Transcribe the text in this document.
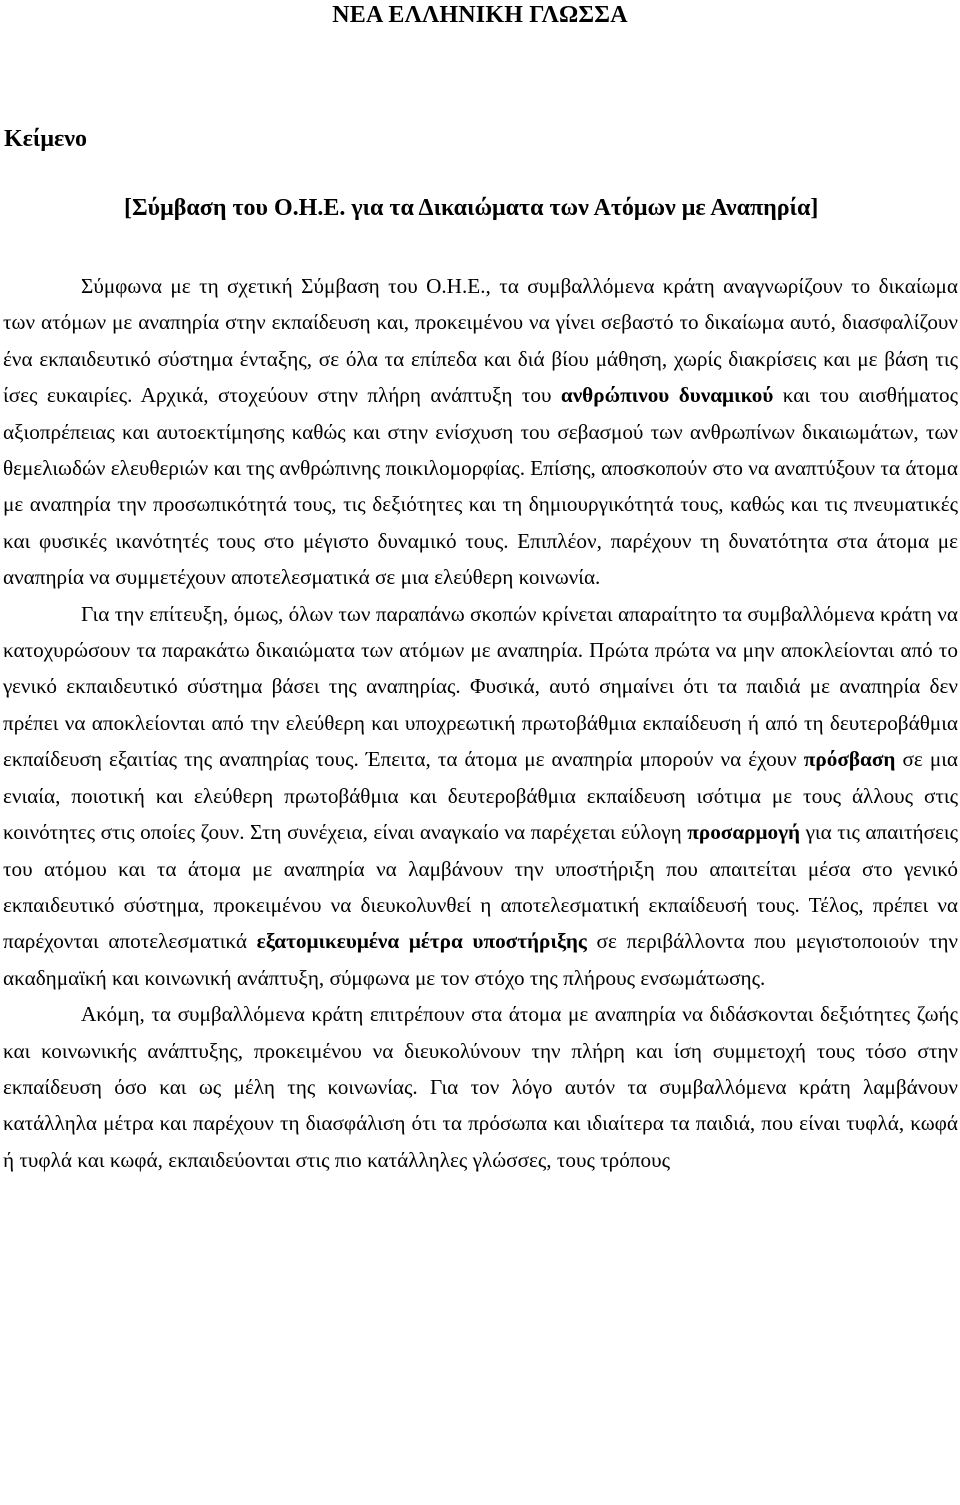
ΝΕΑ ΕΛΛΗΝΙΚΗ ΓΛΩΣΣΑ
Κείμενο
[Σύμβαση του Ο.Η.Ε. για τα Δικαιώματα των Ατόμων με Αναπηρία]

Σύμφωνα με τη σχετική Σύμβαση του Ο.Η.Ε., τα συμβαλλόμενα κράτη αναγνωρίζουν το δικαίωμα των ατόμων με αναπηρία στην εκπαίδευση και, προκειμένου να γίνει σεβαστό το δικαίωμα αυτό, διασφαλίζουν ένα εκπαιδευτικό σύστημα ένταξης, σε όλα τα επίπεδα και διά βίου μάθηση, χωρίς διακρίσεις και με βάση τις ίσες ευκαιρίες. Αρχικά, στοχεύουν στην πλήρη ανάπτυξη του ανθρώπινου δυναμικού και του αισθήματος αξιοπρέπειας και αυτοεκτίμησης καθώς και στην ενίσχυση του σεβασμού των ανθρωπίνων δικαιωμάτων, των θεμελιωδών ελευθεριών και της ανθρώπινης ποικιλομορφίας. Επίσης, αποσκοπούν στο να αναπτύξουν τα άτομα με αναπηρία την προσωπικότητά τους, τις δεξιότητες και τη δημιουργικότητά τους, καθώς και τις πνευματικές και φυσικές ικανότητές τους στο μέγιστο δυναμικό τους. Επιπλέον, παρέχουν τη δυνατότητα στα άτομα με αναπηρία να συμμετέχουν αποτελεσματικά σε μια ελεύθερη κοινωνία.

Για την επίτευξη, όμως, όλων των παραπάνω σκοπών κρίνεται απαραίτητο τα συμβαλλόμενα κράτη να κατοχυρώσουν τα παρακάτω δικαιώματα των ατόμων με αναπηρία. Πρώτα πρώτα να μην αποκλείονται από το γενικό εκπαιδευτικό σύστημα βάσει της αναπηρίας. Φυσικά, αυτό σημαίνει ότι τα παιδιά με αναπηρία δεν πρέπει να αποκλείονται από την ελεύθερη και υποχρεωτική πρωτοβάθμια εκπαίδευση ή από τη δευτεροβάθμια εκπαίδευση εξαιτίας της αναπηρίας τους. Έπειτα, τα άτομα με αναπηρία μπορούν να έχουν πρόσβαση σε μια ενιαία, ποιοτική και ελεύθερη πρωτοβάθμια και δευτεροβάθμια εκπαίδευση ισότιμα με τους άλλους στις κοινότητες στις οποίες ζουν. Στη συνέχεια, είναι αναγκαίο να παρέχεται εύλογη προσαρμογή για τις απαιτήσεις του ατόμου και τα άτομα με αναπηρία να λαμβάνουν την υποστήριξη που απαιτείται μέσα στο γενικό εκπαιδευτικό σύστημα, προκειμένου να διευκολυνθεί η αποτελεσματική εκπαίδευσή τους. Τέλος, πρέπει να παρέχονται αποτελεσματικά εξατομικευμένα μέτρα υποστήριξης σε περιβάλλοντα που μεγιστοποιούν την ακαδημαϊκή και κοινωνική ανάπτυξη, σύμφωνα με τον στόχο της πλήρους ενσωμάτωσης.

Ακόμη, τα συμβαλλόμενα κράτη επιτρέπουν στα άτομα με αναπηρία να διδάσκονται δεξιότητες ζωής και κοινωνικής ανάπτυξης, προκειμένου να διευκολύνουν την πλήρη και ίση συμμετοχή τους τόσο στην εκπαίδευση όσο και ως μέλη της κοινωνίας. Για τον λόγο αυτόν τα συμβαλλόμενα κράτη λαμβάνουν κατάλληλα μέτρα και παρέχουν τη διασφάλιση ότι τα πρόσωπα και ιδιαίτερα τα παιδιά, που είναι τυφλά, κωφά ή τυφλά και κωφά, εκπαιδεύονται στις πιο κατάλληλες γλώσσες, τους τρόπους
